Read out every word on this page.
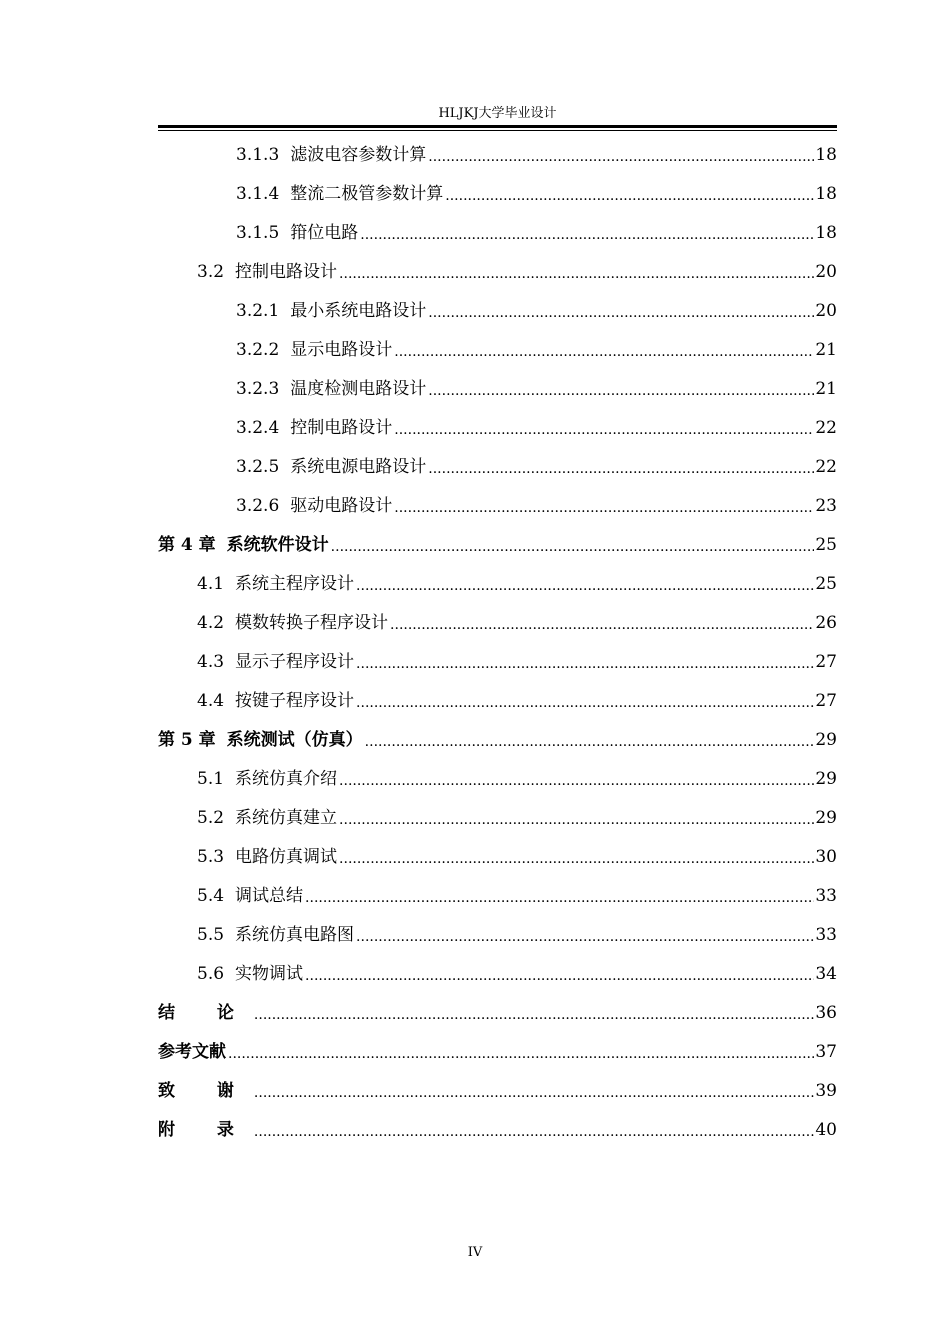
HLJKJ大学毕业设计
3.1.3 滤波电容参数计算 .....	18
3.1.4 整流二极管参数计算 .....	18
3.1.5 箝位电路 .....	18
3.2 控制电路设计 .....	20
3.2.1 最小系统电路设计 .....	20
3.2.2 显示电路设计 .....	21
3.2.3 温度检测电路设计 .....	21
3.2.4 控制电路设计 .....	22
3.2.5 系统电源电路设计 .....	22
3.2.6 驱动电路设计 .....	23
第 4 章 系统软件设计 .....	25
4.1 系统主程序设计 .....	25
4.2 模数转换子程序设计 .....	26
4.3 显示子程序设计 .....	27
4.4 按键子程序设计 .....	27
第 5 章 系统测试（仿真） .....	29
5.1 系统仿真介绍 .....	29
5.2 系统仿真建立 .....	29
5.3 电路仿真调试 .....	30
5.4 调试总结 .....	33
5.5 系统仿真电路图 .....	33
5.6 实物调试 .....	34
结 论 .....	36
参考文献 .....	37
致 谢 .....	39
附 录 .....	40
IV
